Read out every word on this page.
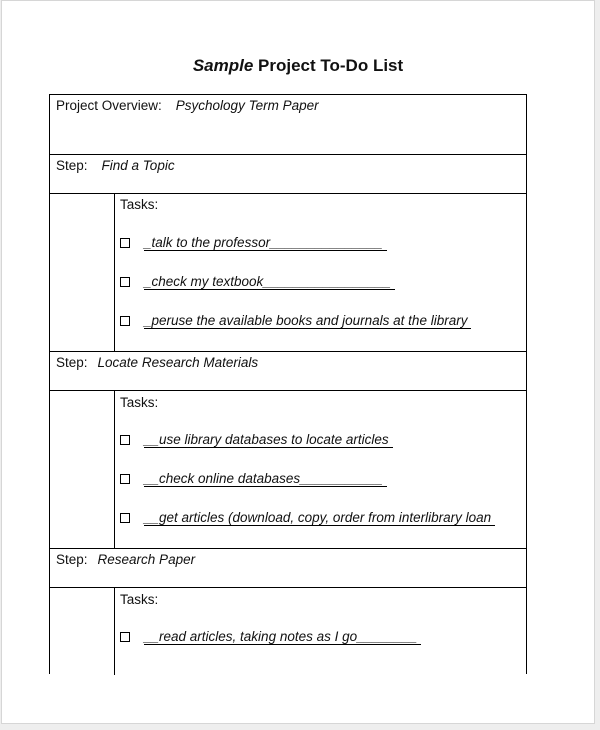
Sample Project To-Do List
Project Overview: Psychology Term Paper
Step: Find a Topic
Tasks:
_talk to the professor_______________
_check my textbook_________________
_peruse the available books and journals at the library
Step: Locate Research Materials
Tasks:
__use library databases to locate articles
__check online databases___________
__get articles (download, copy, order from interlibrary loan
Step: Research Paper
Tasks:
__read articles, taking notes as I go________
